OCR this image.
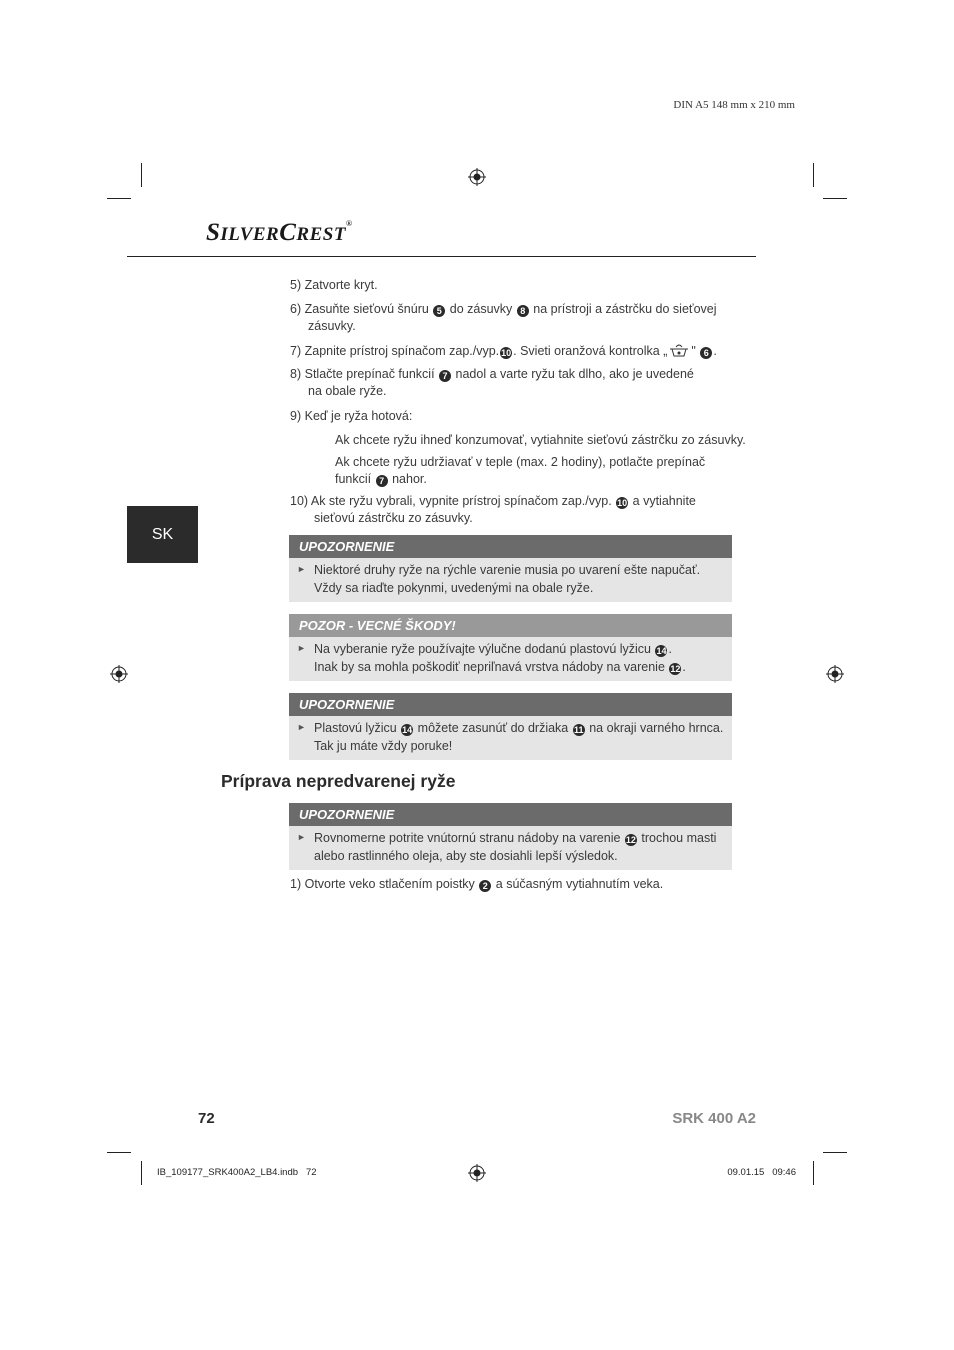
DIN A5 148 mm x 210 mm
SILVERCREST®
SK
5) Zatvorte kryt.
6) Zasuňte sieťovú šnúru 5 do zásuvky 8 na prístroji a zástrčku do sieťovej
zásuvky.
7) Zapnite prístroj spínačom zap./vyp. 10 . Svieti oranžová kontrolka „ " 6 .
8) Stlačte prepínač funkcií 7 nadol a varte ryžu tak dlho, ako je uvedené
na obale ryže.
9) Keď je ryža hotová:
Ak chcete ryžu ihneď konzumovať, vytiahnite sieťovú zástrčku zo zásuvky.
Ak chcete ryžu udržiavať v teple (max. 2 hodiny), potlačte prepínač
funkcií 7 nahor.
10) Ak ste ryžu vybrali, vypnite prístroj spínačom zap./vyp. 10 a vytiahnite
sieťovú zástrčku zo zásuvky.
UPOZORNENIE
► Niektoré druhy ryže na rýchle varenie musia po uvarení ešte napučať.
Vždy sa riaďte pokynmi, uvedenými na obale ryže.
POZOR - VECNÉ ŠKODY!
► Na vyberanie ryže používajte výlučne dodanú plastovú lyžicu 14 .
Inak by sa mohla poškodiť nepriľnavá vrstva nádoby na varenie 12 .
UPOZORNENIE
► Plastovú lyžicu 14 môžete zasunúť do držiaka 11 na okraji varného hrnca.
Tak ju máte vždy poruke!
Príprava nepredvarenej ryže
UPOZORNENIE
► Rovnomerne potrite vnútornú stranu nádoby na varenie 12 trochou masti
alebo rastlinného oleja, aby ste dosiahli lepší výsledok.
1) Otvorte veko stlačením poistky 2 a súčasným vytiahnutím veka.
72	SRK 400 A2
IB_109177_SRK400A2_LB4.indb   72	09.01.15   09:46
